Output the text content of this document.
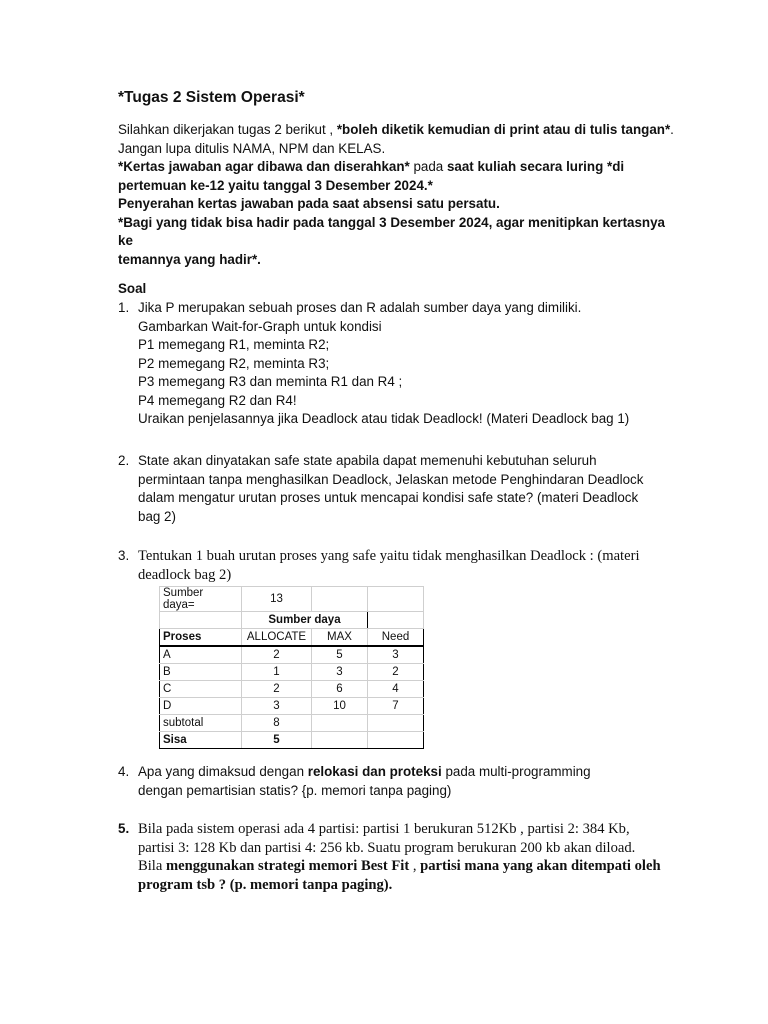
*Tugas 2 Sistem Operasi*

Silahkan dikerjakan tugas 2 berikut , *boleh diketik kemudian di print atau di tulis tangan*.

Jangan lupa ditulis NAMA, NPM dan KELAS.

*Kertas jawaban agar dibawa dan diserahkan* pada saat kuliah secara luring *di

pertemuan ke-12 yaitu tanggal 3 Desember 2024.*

Penyerahan kertas jawaban pada saat absensi satu persatu.

*Bagi yang tidak bisa hadir pada tanggal 3 Desember 2024, agar menitipkan kertasnya ke

temannya yang hadir*.

Soal
1. Jika P merupakan sebuah proses dan R adalah sumber daya yang dimiliki.
Gambarkan Wait-for-Graph untuk kondisi
P1 memegang R1, meminta R2;
P2 memegang R2, meminta R3;
P3 memegang R3 dan meminta R1 dan R4 ;
P4 memegang R2 dan R4!
Uraikan penjelasannya jika Deadlock atau tidak Deadlock! (Materi Deadlock bag 1)
2. State akan dinyatakan safe state apabila dapat memenuhi kebutuhan seluruh
permintaan tanpa menghasilkan Deadlock, Jelaskan metode Penghindaran Deadlock
dalam mengatur urutan proses untuk mencapai kondisi safe state? (materi Deadlock
bag 2)
3. Tentukan 1 buah urutan proses yang safe yaitu tidak menghasilkan Deadlock : (materi
deadlock bag 2)
Sumber daya=	13		
	Sumber daya		
Proses	ALLOCATE	MAX	Need
A	2	5	3
B	1	3	2
C	2	6	4
D	3	10	7
subtotal	8		
Sisa	5		
4. Apa yang dimaksud dengan relokasi dan proteksi pada multi-programming
dengan pemartisian statis? {p. memori tanpa paging)
5. Bila pada sistem operasi ada 4 partisi: partisi 1 berukuran 512Kb , partisi 2: 384 Kb,
partisi 3: 128 Kb dan partisi 4: 256 kb. Suatu program berukuran 200 kb akan diload.
Bila menggunakan strategi memori Best Fit , partisi mana yang akan ditempati oleh
program tsb ? (p. memori tanpa paging).
